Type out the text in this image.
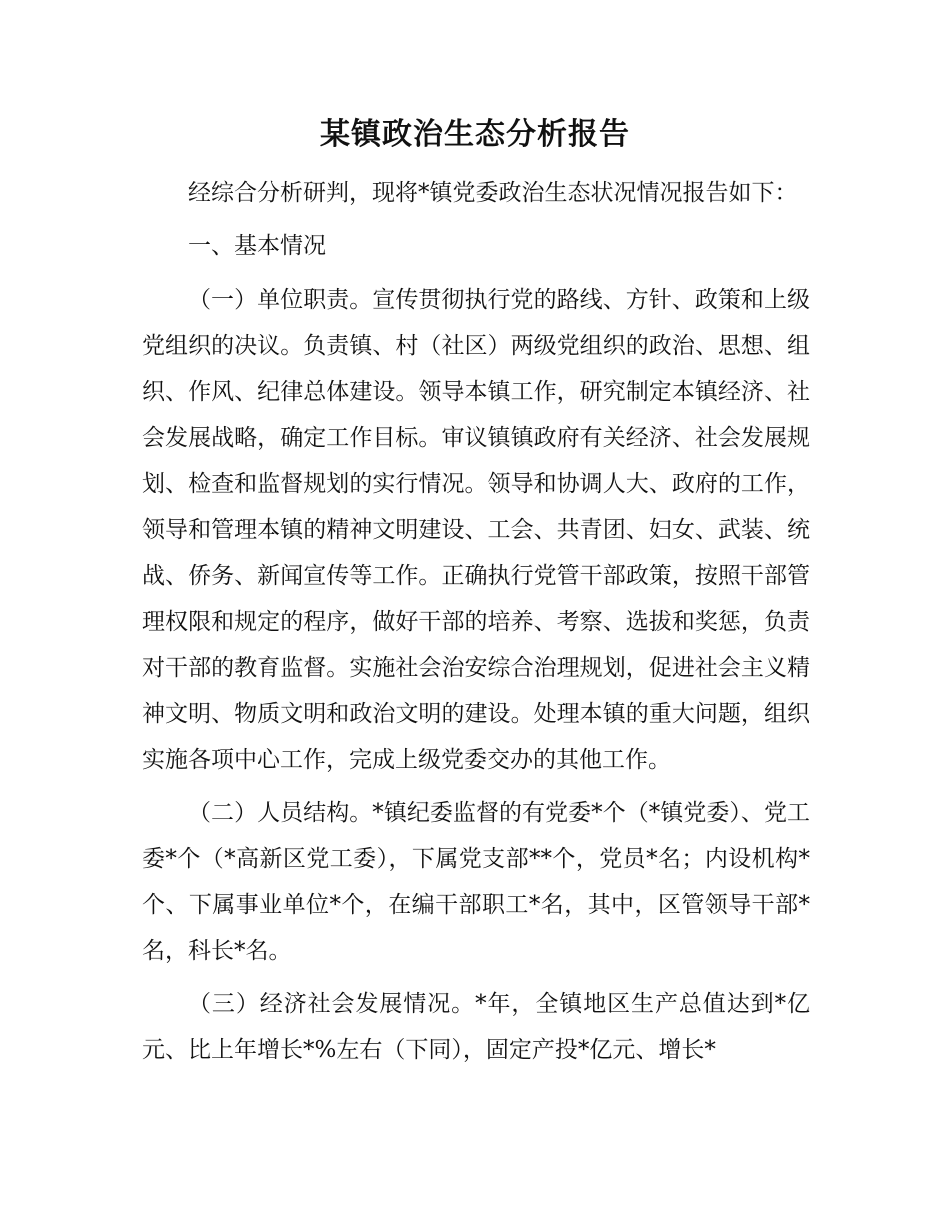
某镇政治生态分析报告

经综合分析研判，现将*镇党委政治生态状况情况报告如下：

一、基本情况

（一）单位职责。宣传贯彻执行党的路线、方针、政策和上级党组织的决议。负责镇、村（社区）两级党组织的政治、思想、组织、作风、纪律总体建设。领导本镇工作，研究制定本镇经济、社会发展战略，确定工作目标。审议镇镇政府有关经济、社会发展规划、检查和监督规划的实行情况。领导和协调人大、政府的工作，领导和管理本镇的精神文明建设、工会、共青团、妇女、武装、统战、侨务、新闻宣传等工作。正确执行党管干部政策，按照干部管理权限和规定的程序，做好干部的培养、考察、选拔和奖惩，负责对干部的教育监督。实施社会治安综合治理规划，促进社会主义精神文明、物质文明和政治文明的建设。处理本镇的重大问题，组织实施各项中心工作，完成上级党委交办的其他工作。

（二）人员结构。*镇纪委监督的有党委*个（*镇党委）、党工委*个（*高新区党工委），下属党支部**个，党员*名；内设机构*个、下属事业单位*个，在编干部职工*名，其中，区管领导干部*名，科长*名。

（三）经济社会发展情况。*年，全镇地区生产总值达到*亿元、比上年增长*%左右（下同），固定产投*亿元、增长*
